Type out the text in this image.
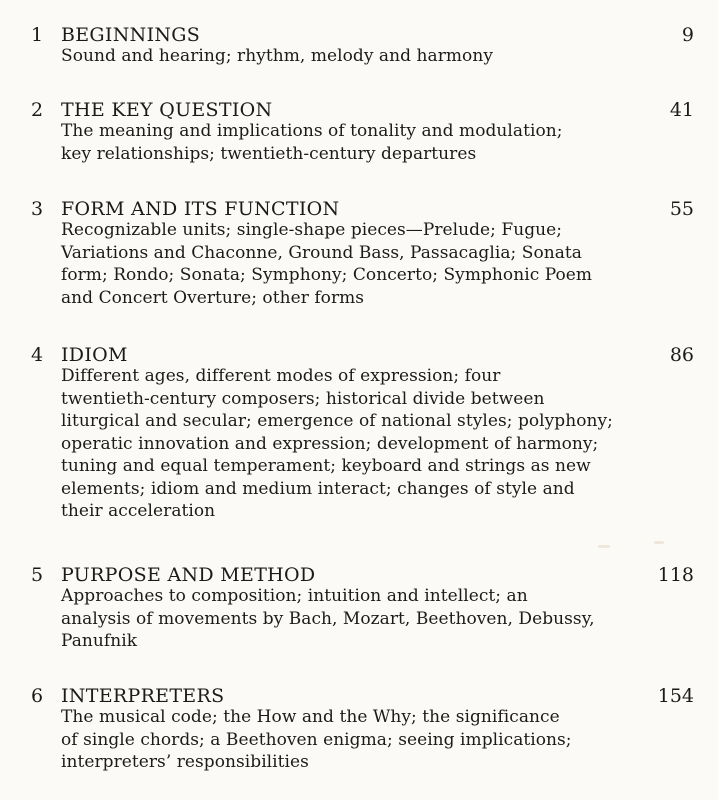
1 BEGINNINGS	9
Sound and hearing; rhythm, melody and harmony
2 THE KEY QUESTION	41
The meaning and implications of tonality and modulation;
key relationships; twentieth-century departures
3 FORM AND ITS FUNCTION	55
Recognizable units; single-shape pieces—Prelude; Fugue;
Variations and Chaconne, Ground Bass, Passacaglia; Sonata
form; Rondo; Sonata; Symphony; Concerto; Symphonic Poem
and Concert Overture; other forms
4 IDIOM	86
Different ages, different modes of expression; four
twentieth-century composers; historical divide between
liturgical and secular; emergence of national styles; polyphony;
operatic innovation and expression; development of harmony;
tuning and equal temperament; keyboard and strings as new
elements; idiom and medium interact; changes of style and
their acceleration
5 PURPOSE AND METHOD	118
Approaches to composition; intuition and intellect; an
analysis of movements by Bach, Mozart, Beethoven, Debussy,
Panufnik
6 INTERPRETERS	154
The musical code; the How and the Why; the significance
of single chords; a Beethoven enigma; seeing implications;
interpreters’ responsibilities
